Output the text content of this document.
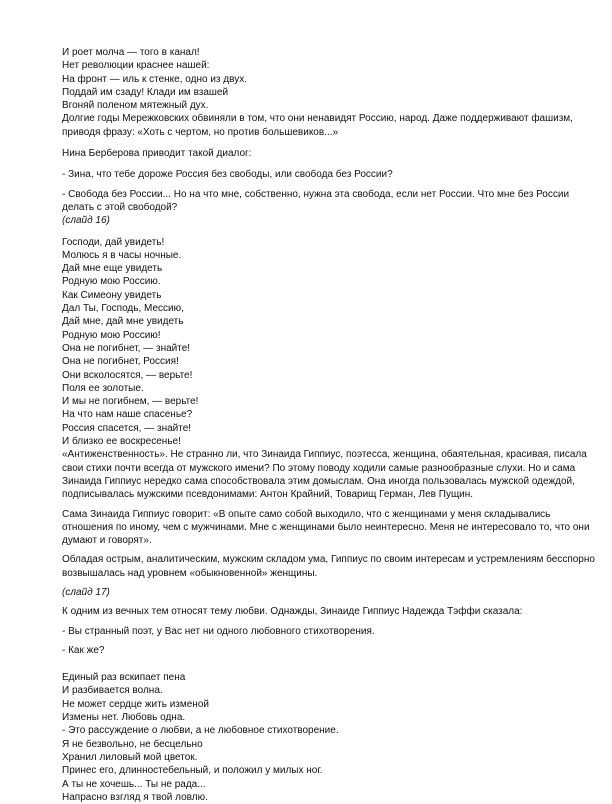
И роет молча — того в канал!
Нет революции краснее нашей:
На фронт — иль к стенке, одно из двух.
Поддай им сзаду! Клади им взашей
Вгоняй поленом мятежный дух.
Долгие годы Мережковских обвиняли в том, что они ненавидят Россию, народ. Даже поддерживают фашизм,
приводя фразу: «Хоть с чертом, но против большевиков...»
Нина Берберова приводит такой диалог:
- Зина, что тебе дороже Россия без свободы, или свобода без России?
- Свобода без России... Но на что мне, собственно, нужна эта свобода, если нет России. Что мне без России
делать с этой свободой?
(слайд 16)
Господи, дай увидеть!
Молюсь я в часы ночные.
Дай мне еще увидеть
Родную мою Россию.
Как Симеону увидеть
Дал Ты, Господь, Мессию,
Дай мне, дай мне увидеть
Родную мою Россию!
Она не погибнет, — знайте!
Она не погибнет, Россия!
Они всколосятся, — верьте!
Поля ее золотые.
И мы не погибнем, — верьте!
На что нам наше спасенье?
Россия спасется, — знайте!
И близко ее воскресенье!
«Антиженственность». Не странно ли, что Зинаида Гиппиус, поэтесса, женщина, обаятельная, красивая, писала
свои стихи почти всегда от мужского имени? По этому поводу ходили самые разнообразные слухи. Но и сама
Зинаида Гиппиус нередко сама способствовала этим домыслам. Она иногда пользовалась мужской одеждой,
подписывалась мужскими псевдонимами: Антон Крайний, Товарищ Герман, Лев Пущин.
Сама Зинаида Гиппиус говорит: «В опыте само собой выходило, что с женщинами у меня складывались
отношения по иному, чем с мужчинами. Мне с женщинами было неинтересно. Меня не интересовало то, что они
думают и говорят».
Обладая острым, аналитическим, мужским складом ума, Гиппиус по своим интересам и устремлениям бесспорно
возвышалась над уровнем «обыкновенной» женщины.
(слайд 17)
К одним из вечных тем относят тему любви. Однажды, Зинаиде Гиппиус Надежда Тэффи сказала:
- Вы странный поэт, у Вас нет ни одного любовного стихотворения.
- Как же?
Единый раз вскипает пена
И разбивается волна.
Не может сердце жить изменой
Измены нет. Любовь одна.
- Это рассуждение о любви, а не любовное стихотворение.
Я не безвольно, не бесцельно
Хранил лиловый мой цветок.
Принес его, длинностебельный, и положил у милых ног.
А ты не хочешь... Ты не рада...
Напрасно взгляд я твой ловлю.
